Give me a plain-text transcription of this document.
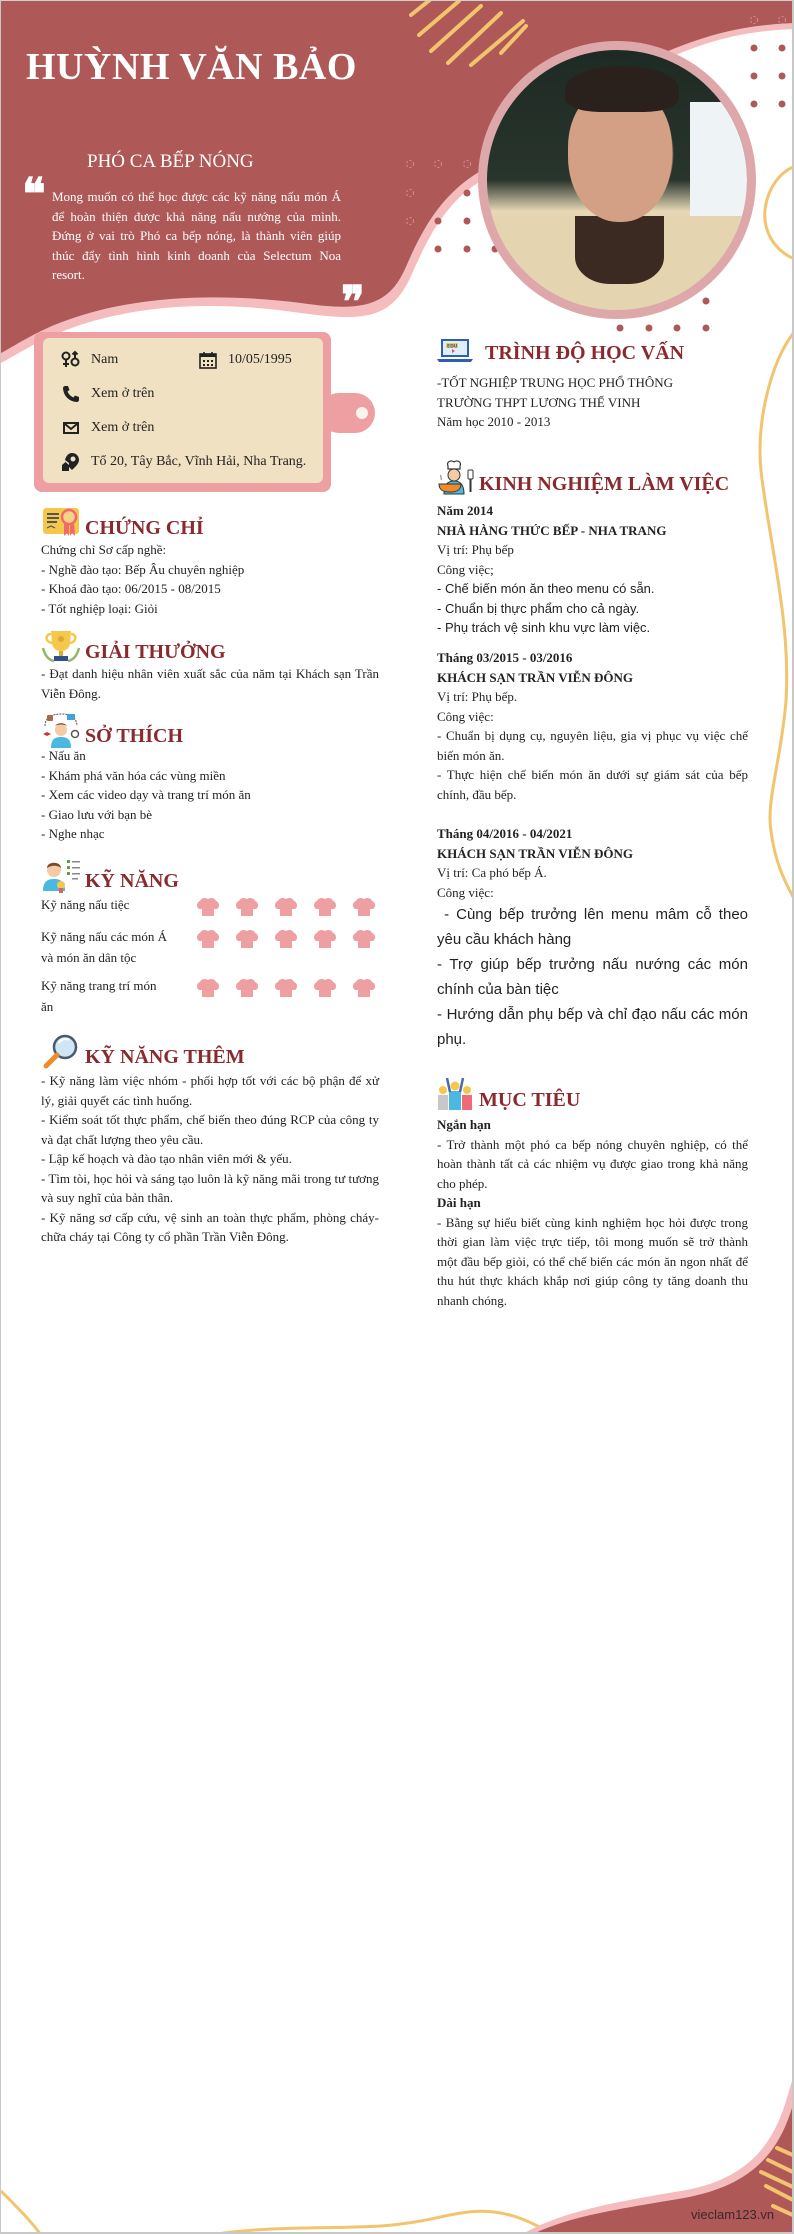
HUỲNH VĂN BẢO
PHÓ CA BẾP NÓNG
❝ Mong muốn có thể học được các kỹ năng nấu món Á để hoàn thiện được khả năng nấu nướng của mình. Đứng ở vai trò Phó ca bếp nóng, là thành viên giúp thúc đẩy tình hình kinh doanh của Selectum Noa resort.
❞
Nam	10/05/1995
Xem ở trên
Xem ở trên
Tổ 20, Tây Bắc, Vĩnh Hải, Nha Trang.
CHỨNG CHỈ
Chứng chỉ Sơ cấp nghề:
- Nghề đào tạo: Bếp Âu chuyên nghiệp
- Khoá đào tạo: 06/2015 - 08/2015
- Tốt nghiệp loại: Giỏi
GIẢI THƯỞNG
- Đạt danh hiệu nhân viên xuất sắc của năm tại Khách sạn Trần Viễn Đông.
SỞ THÍCH
- Nấu ăn
- Khám phá văn hóa các vùng miền
- Xem các video dạy và trang trí món ăn
- Giao lưu với bạn bè
- Nghe nhạc
KỸ NĂNG
Kỹ năng nấu tiệc
Kỹ năng nấu các món Á và món ăn dân tộc
Kỹ năng trang trí món ăn
KỸ NĂNG THÊM
- Kỹ năng làm việc nhóm - phối hợp tốt với các bộ phận để xử lý, giải quyết các tình huống.
- Kiểm soát tốt thực phẩm, chế biến theo đúng RCP của công ty và đạt chất lượng theo yêu cầu.
- Lập kế hoạch và đào tạo nhân viên mới & yếu.
- Tìm tòi, học hỏi và sáng tạo luôn là kỹ năng mãi trong tư tương và suy nghĩ của bản thân.
- Kỹ năng sơ cấp cứu, vệ sinh an toàn thực phẩm, phòng cháy- chữa cháy tại Công ty cổ phần Trần Viễn Đông.
EDU TRÌNH ĐỘ HỌC VẤN
-TỐT NGHIỆP TRUNG HỌC PHỔ THÔNG
TRƯỜNG THPT LƯƠNG THẾ VINH
Năm học 2010 - 2013
KINH NGHIỆM LÀM VIỆC
Năm 2014
NHÀ HÀNG THỨC BẾP - NHA TRANG
Vị trí: Phụ bếp
Công việc;
- Chế biến món ăn theo menu có sẵn.
- Chuẩn bị thực phẩm cho cả ngày.
- Phụ trách vệ sinh khu vực làm việc.
Tháng 03/2015 - 03/2016
KHÁCH SẠN TRẦN VIỄN ĐÔNG
Vị trí: Phụ bếp.
Công việc:
- Chuẩn bị dụng cụ, nguyên liệu, gia vị phục vụ việc chế biến món ăn.
- Thực hiện chế biến món ăn dưới sự giám sát của bếp chính, đầu bếp.
Tháng 04/2016 - 04/2021
KHÁCH SẠN TRẦN VIỄN ĐÔNG
Vị trí: Ca phó bếp Á.
Công việc:
- Cùng bếp trưởng lên menu mâm cỗ theo yêu cầu khách hàng
- Trợ giúp bếp trưởng nấu nướng các món chính của bàn tiệc
- Hướng dẫn phụ bếp và chỉ đạo nấu các món phụ.
MỤC TIÊU
Ngắn hạn
- Trở thành một phó ca bếp nóng chuyên nghiệp, có thể hoàn thành tất cả các nhiệm vụ được giao trong khả năng cho phép.
Dài hạn
- Bằng sự hiểu biết cùng kinh nghiệm học hỏi được trong thời gian làm việc trực tiếp, tôi mong muốn sẽ trở thành một đầu bếp giỏi, có thể chế biến các món ăn ngon nhất để thu hút thực khách khắp nơi giúp công ty tăng doanh thu nhanh chóng.
vieclam123.vn
